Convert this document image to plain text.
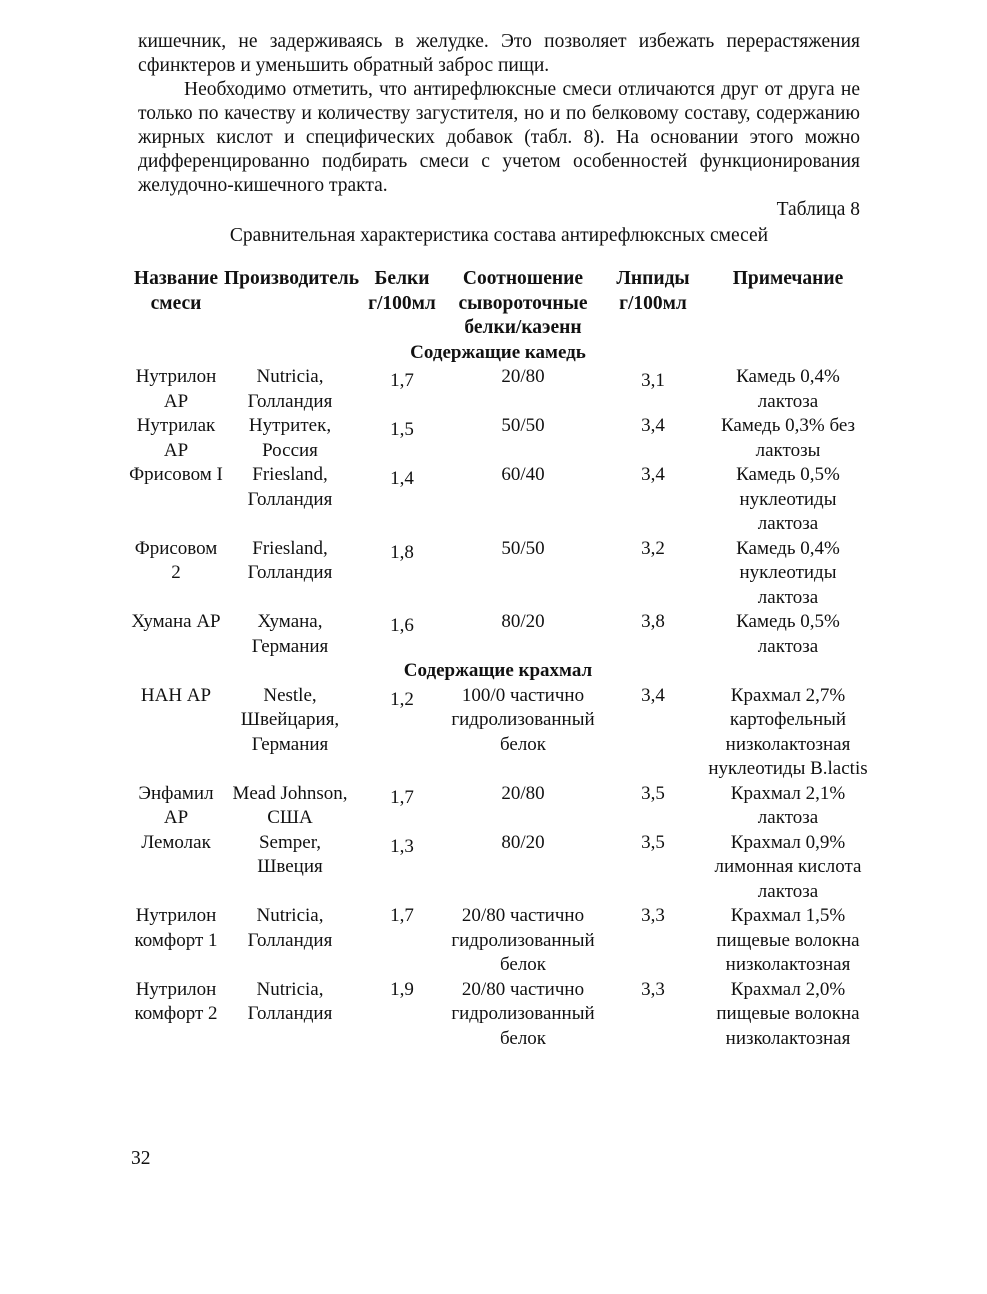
кишечник, не задерживаясь в желудке. Это позволяет избежать перерастяжения сфинктеров и уменьшить обратный заброс пищи.

Необходимо отметить, что антирефлюксные смеси отличаются друг от друга не только по качеству и количеству загустителя, но и по белковому составу, содержанию жирных кислот и специфических добавок (табл. 8). На основании этого можно дифференцированно подбирать смеси с учетом особенностей функционирования желудочно-кишечного тракта.

Таблица 8
Сравнительная характеристика состава антирефлюксных смесей
Название смеси	Производитель	Белки г/100мл	Соотношение сывороточные белки/каэенн	Лнпиды г/100мл	Примечание
Содержащие камедь					
Нутрилон АР	Nutricia, Голландия	1,7	20/80	3,1	Камедь 0,4% лактоза
Нутрилак АР	Нутритек, Россия	1,5	50/50	3,4	Камедь 0,3% без лактозы
Фрисовом I	Friesland, Голландия	1,4	60/40	3,4	Камедь 0,5% нуклеотиды лактоза
Фрисовом 2	Friesland, Голландия	1,8	50/50	3,2	Камедь 0,4% нуклеотиды лактоза
Хумана АР	Хумана, Германия	1,6	80/20	3,8	Камедь 0,5% лактоза
Содержащие крахмал					
НАН АР	Nestle, Швейцария, Германия	1,2	100/0 частично гидролизованный белок	3,4	Крахмал 2,7% картофельный низколактозная нуклеотиды B.lactis
Энфамил АР	Mead Johnson, США	1,7	20/80	3,5	Крахмал 2,1% лактоза
Лемолак	Semper, Швеция	1,3	80/20	3,5	Крахмал 0,9% лимонная кислота лактоза
Нутрилон комфорт 1	Nutricia, Голландия	1,7	20/80 частично гидролизованный белок	3,3	Крахмал 1,5% пищевые волокна низколактозная
Нутрилон комфорт 2	Nutricia, Голландия	1,9	20/80 частично гидролизованный белок	3,3	Крахмал 2,0% пищевые волокна низколактозная
32
